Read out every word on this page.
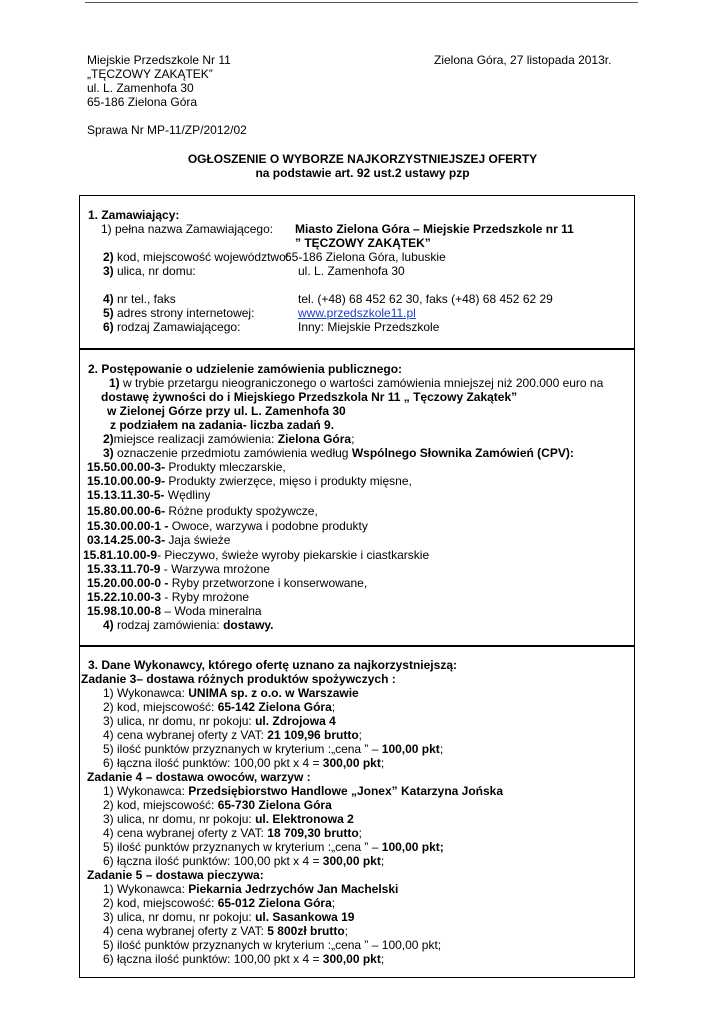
Miejskie Przedszkole Nr 11
„TĘCZOWY ZAKĄTEK”
ul. L. Zamenhofa 30
65-186 Zielona Góra
Zielona Góra, 27 listopada 2013r.
Sprawa Nr MP-11/ZP/2012/02
OGŁOSZENIE O WYBORZE NAJKORZYSTNIEJSZEJ OFERTY
na podstawie art. 92 ust.2 ustawy pzp
1. Zamawiający:
1) pełna nazwa Zamawiającego: Miasto Zielona Góra – Miejskie Przedszkole nr 11
” TĘCZOWY ZAKĄTEK”
2) kod, miejscowość województwo:
65-186 Zielona Góra, lubuskie
3) ulica, nr domu:	ul. L. Zamenhofa 30
4) nr tel., faks	tel. (+48) 68 452 62 30, faks (+48) 68 452 62 29
5) adres strony internetowej:	www.przedszkole11.pl
6) rodzaj Zamawiającego:	Inny: Miejskie Przedszkole
2. Postępowanie o udzielenie zamówienia publicznego:
1) w trybie przetargu nieograniczonego o wartości zamówienia mniejszej niż 200.000 euro na
dostawę żywności do i Miejskiego Przedszkola Nr 11 „ Tęczowy Zakątek”
w Zielonej Górze przy ul. L. Zamenhofa 30
z podziałem na zadania- liczba zadań 9.
2)miejsce realizacji zamówienia: Zielona Góra;
3) oznaczenie przedmiotu zamówienia według Wspólnego Słownika Zamówień (CPV):
15.50.00.00-3- Produkty mleczarskie,
15.10.00.00-9- Produkty zwierzęce, mięso i produkty mięsne,
15.13.11.30-5- Wędliny
15.80.00.00-6- Różne produkty spożywcze,
15.30.00.00-1 - Owoce, warzywa i podobne produkty
03.14.25.00-3- Jaja świeże
15.81.10.00-9- Pieczywo, świeże wyroby piekarskie i ciastkarskie
15.33.11.70-9 - Warzywa mrożone
15.20.00.00-0 - Ryby przetworzone i konserwowane,
15.22.10.00-3 - Ryby mrożone
15.98.10.00-8 – Woda mineralna
4) rodzaj zamówienia: dostawy.
3. Dane Wykonawcy, którego ofertę uznano za najkorzystniejszą:
Zadanie 3– dostawa różnych produktów spożywczych :
1) Wykonawca: UNIMA sp. z o.o. w Warszawie
2) kod, miejscowość: 65-142 Zielona Góra;
3) ulica, nr domu, nr pokoju: ul. Zdrojowa 4
4) cena wybranej oferty z VAT: 21 109,96 brutto;
5) ilość punktów przyznanych w kryterium :„cena ” – 100,00 pkt;
6) łączna ilość punktów: 100,00 pkt x 4 = 300,00 pkt;
Zadanie 4 – dostawa owoców, warzyw :
1) Wykonawca: Przedsiębiorstwo Handlowe „Jonex” Katarzyna Jońska
2) kod, miejscowość: 65-730 Zielona Góra
3) ulica, nr domu, nr pokoju: ul. Elektronowa 2
4) cena wybranej oferty z VAT: 18 709,30 brutto;
5) ilość punktów przyznanych w kryterium :„cena ” – 100,00 pkt;
6) łączna ilość punktów: 100,00 pkt x 4 = 300,00 pkt;
Zadanie 5 – dostawa pieczywa:
1) Wykonawca: Piekarnia Jedrzychów Jan Machelski
2) kod, miejscowość: 65-012 Zielona Góra;
3) ulica, nr domu, nr pokoju: ul. Sasankowa 19
4) cena wybranej oferty z VAT: 5 800zł brutto;
5) ilość punktów przyznanych w kryterium :„cena ” – 100,00 pkt;
6) łączna ilość punktów: 100,00 pkt x 4 = 300,00 pkt;
